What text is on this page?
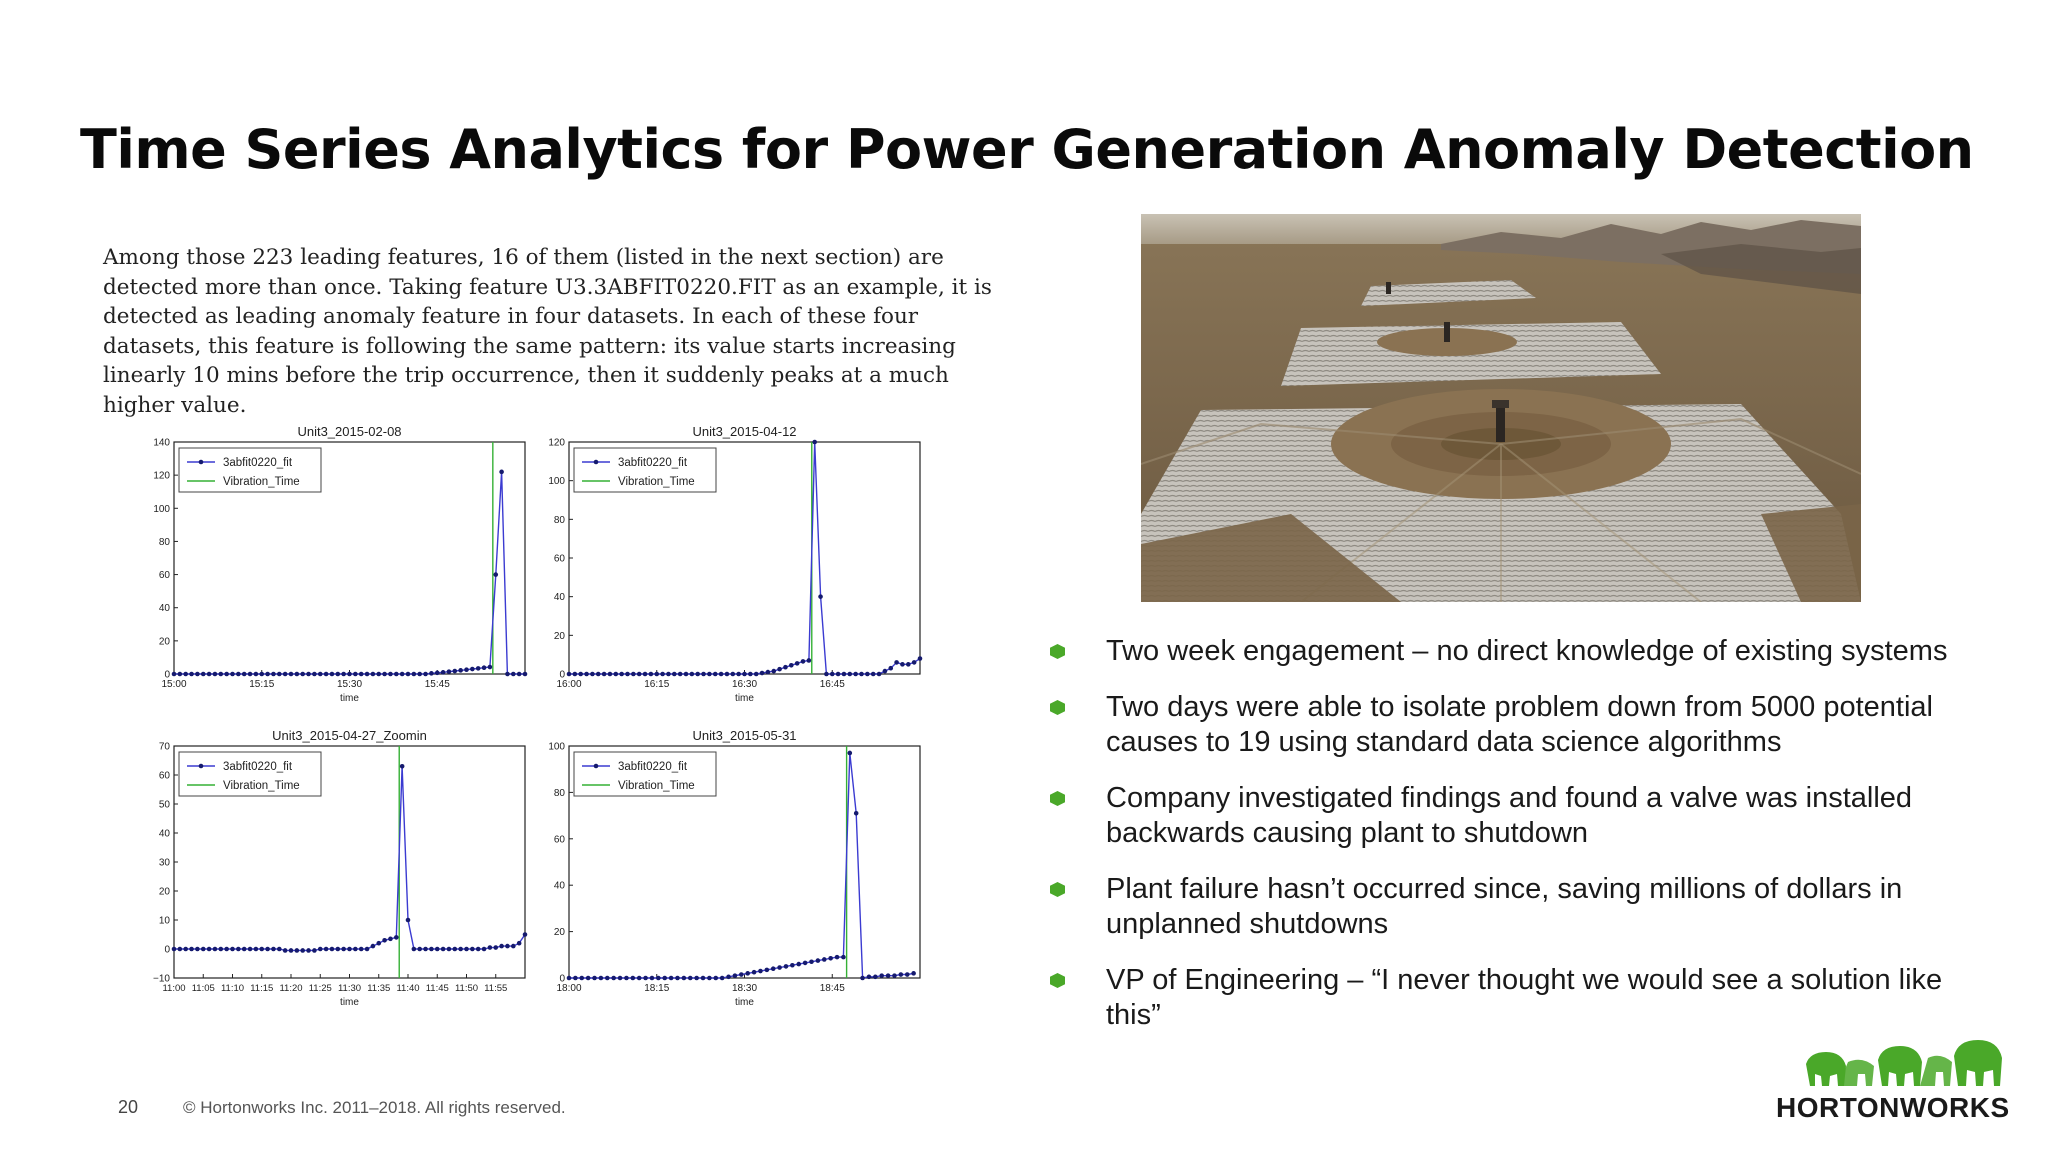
Time Series Analytics for Power Generation Anomaly Detection

Among those 223 leading features, 16 of them (listed in the next section) are detected more than once. Taking feature U3.3ABFIT0220.FIT as an example, it is detected as leading anomaly feature in four datasets. In each of these four datasets, this feature is following the same pattern: its value starts increasing linearly 10 mins before the trip occurrence, then it suddenly peaks at a much higher value.

Unit3_2015-02-08
0
20
40
60
80
100
120
140
15:00	15:15	15:30	15:45
time
3abfit0220_fit
Vibration_Time
Unit3_2015-04-12
0
20
40
60
80
100
120
16:00	16:15	16:30	16:45
time
3abfit0220_fit
Vibration_Time
Unit3_2015-04-27_Zoomin
−10
0
10
20
30
40
50
60
70
11:00 11:05 11:10 11:15 11:20 11:25 11:30 11:35 11:40 11:45 11:50 11:55
time
3abfit0220_fit
Vibration_Time
Unit3_2015-05-31
0
20
40
60
80
100
18:00	18:15	18:30	18:45
time
3abfit0220_fit
Vibration_Time
Two week engagement – no direct knowledge of existing systems
Two days were able to isolate problem down from 5000 potential causes to 19 using standard data science algorithms
Company investigated findings and found a valve was installed backwards causing plant to shutdown
Plant failure hasn’t occurred since, saving millions of dollars in unplanned shutdowns
VP of Engineering – “I never thought we would see a solution like this”
20	© Hortonworks Inc. 2011–2018. All rights reserved.	HORTONWORKS
